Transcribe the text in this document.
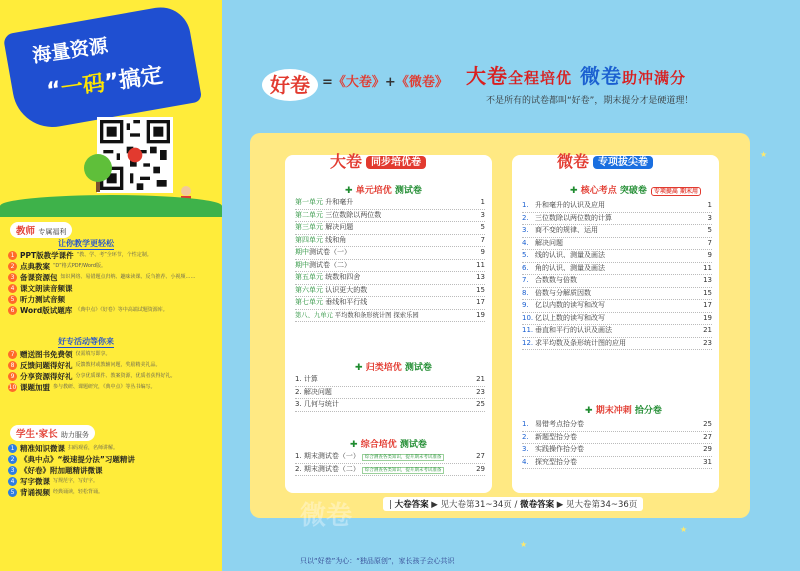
海量资源
“一码”搞定
教师 专属福利
让你教学更轻松
1 PPT版教学课件 “教、学、考”全环节，个性定制。
2 点典教案 “D”格式PDF/Word版。
3 备课资源包 知识网络、易错题点归纳、趣味读课、反刍推荐、小视频……
4 课文朗读音频课
5 听力测试音频
6 Word版试题库 《典中点》《好卷》等中高端试题资源库。
好专活动等你来
7 赠送图书免费领 仅需填写即享。
8 反馈问题得好礼 反馈教材或教辅问题，奖励精美礼品。
9 分享资源得好礼 分享优质课件、教案资源，优质者获得好礼。
10 课题加盟 参与教研、课题研究，《典中点》等丛书编写。
学生·家长 助力服务
1 精准知识微课 扫码观看，名师讲解。
2 《典中点》“极速提分法”习题精讲
3 《好卷》附加题精讲微课
4 写字微课 写规范字，写好字。
5 背诵视频 经典诵读，轻松背诵。
好卷 =《大卷》+《微卷》 大卷全程培优 微卷助冲满分
不是所有的试卷都叫“好卷”，期末提分才是硬道理！
★
★
★
大卷 同步培优卷
✚ 单元培优 测试卷
第一单元 升和毫升	1
第二单元 三位数除以两位数	3
第三单元 解决问题	5
第四单元 线和角	7
期中测试卷（一）	9
期中测试卷（二）	11
第五单元 统数和四舍	13
第六单元 认识更大的数	15
第七单元 垂线和平行线	17
第八、九单元 平均数和条形统计图 探索乐园	19
✚ 归类培优 测试卷
1. 计算	21
2. 解决问题	23
3. 几何与统计	25
✚ 综合培优 测试卷
1. 期末测试卷（一） 综合测查各类知识，提升期末考试准备	27
2. 期末测试卷（二） 综合测查各类知识，提升期末考试准备	29
微卷 专项拔尖卷
✚ 核心考点 突破卷 专项提高 期末用
1. 升和毫升的认识及应用	1
2. 三位数除以两位数的计算	3
3. 商不变的规律、运用	5
4. 解决问题	7
5. 线的认识、测量及画法	9
6. 角的认识、测量及画法	11
7. 合数数与倍数	13
8. 倍数与分解质因数	15
9. 亿以内数的读写和改写	17
10. 亿以上数的读写和改写	19
11. 垂直和平行的认识及画法	21
12. 求平均数及条形统计图的应用	23
✚ 期末冲刺 拾分卷
1. 易错考点拾分卷	25
2. 新题型拾分卷	27
3. 实践操作拾分卷	29
4. 探究型拾分卷	31
微卷	| 大卷答案 ▶ 见大卷第31~34页 / 微卷答案 ▶ 见大卷第34~36页
只以“好卷”为心：“独品原创”，家长孩子会心共识
